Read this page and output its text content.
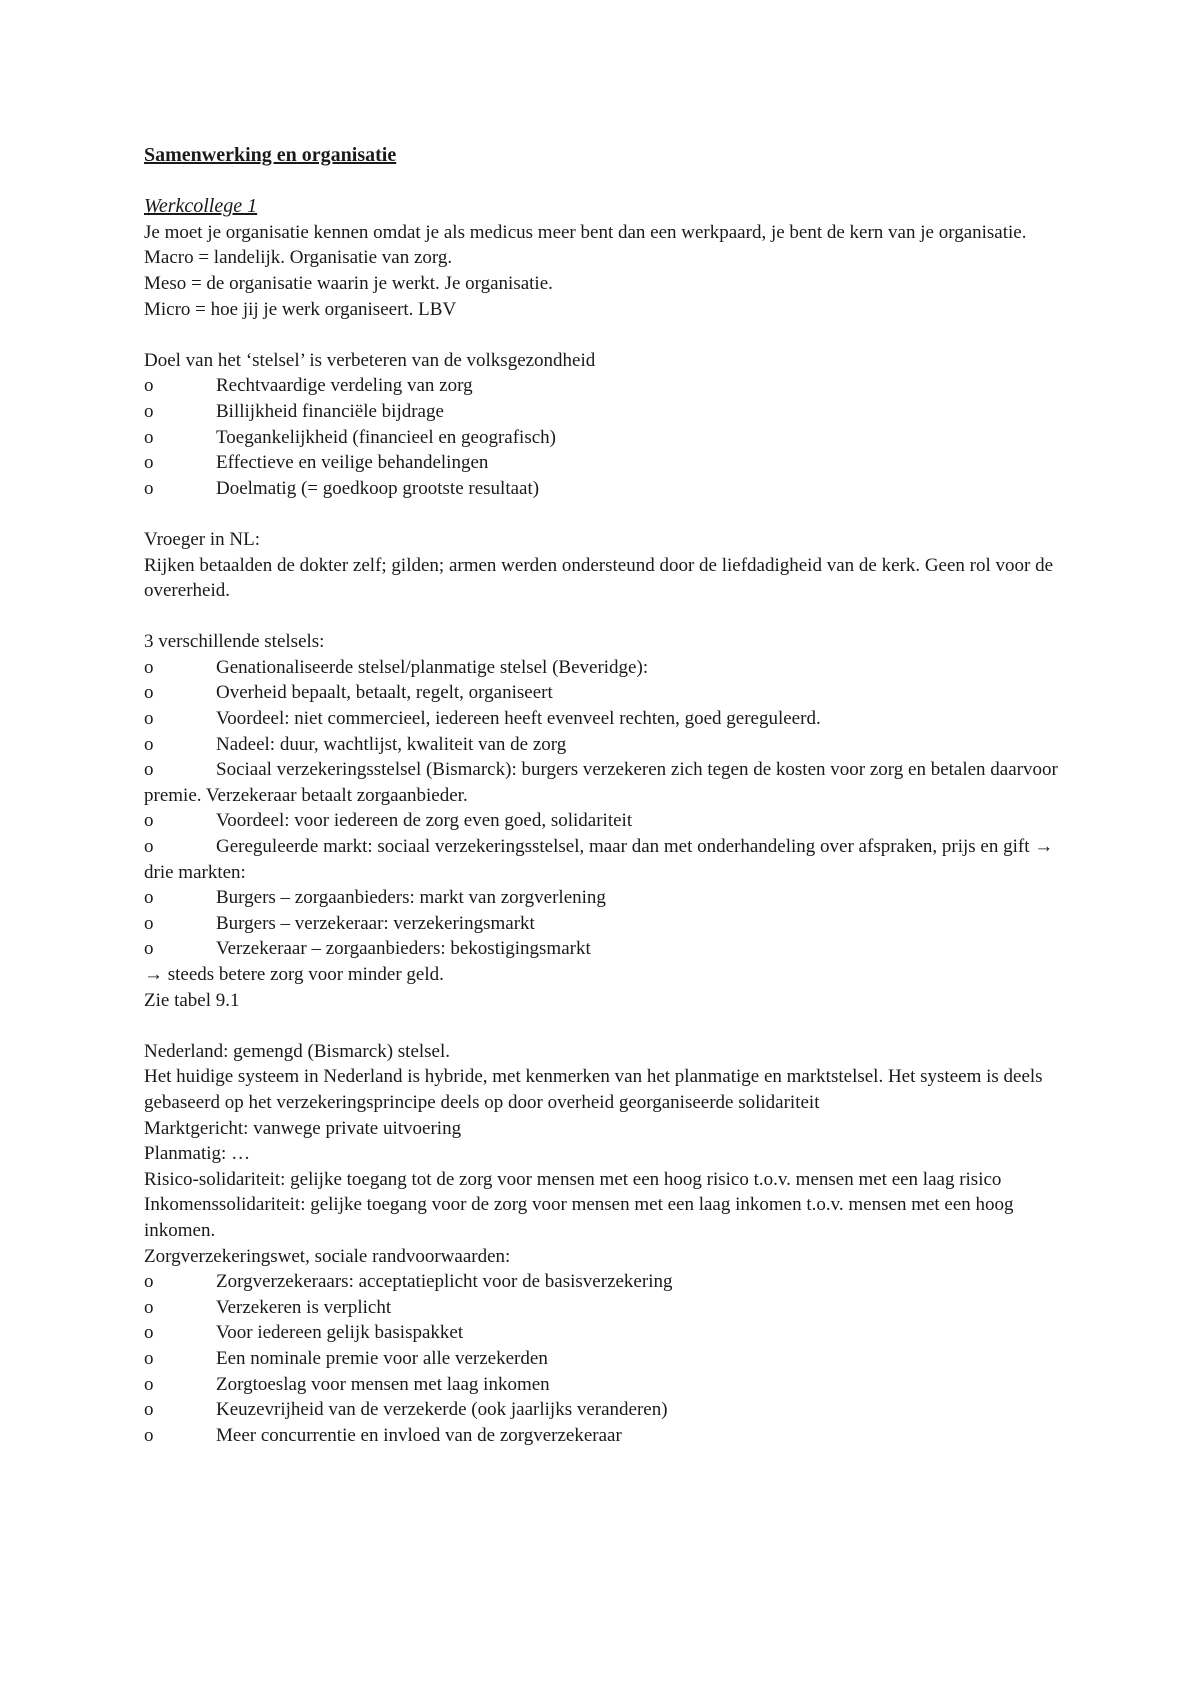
Samenwerking en organisatie
Werkcollege 1
Je moet je organisatie kennen omdat je als medicus meer bent dan een werkpaard, je bent de kern van je organisatie.
Macro = landelijk. Organisatie van zorg.
Meso = de organisatie waarin je werkt. Je organisatie.
Micro = hoe jij je werk organiseert. LBV
Doel van het ‘stelsel’ is verbeteren van de volksgezondheid
o	Rechtvaardige verdeling van zorg
o	Billijkheid financiële bijdrage
o	Toegankelijkheid (financieel en geografisch)
o	Effectieve en veilige behandelingen
o	Doelmatig (= goedkoop grootste resultaat)
Vroeger in NL:
Rijken betaalden de dokter zelf; gilden; armen werden ondersteund door de liefdadigheid van de kerk. Geen rol voor de overerheid.
3 verschillende stelsels:
o	Genationaliseerde stelsel/planmatige stelsel (Beveridge):
o	Overheid bepaalt, betaalt, regelt, organiseert
o	Voordeel: niet commercieel, iedereen heeft evenveel rechten, goed gereguleerd.
o	Nadeel: duur, wachtlijst, kwaliteit van de zorg
o	Sociaal verzekeringsstelsel (Bismarck): burgers verzekeren zich tegen de kosten voor zorg en betalen daarvoor premie. Verzekeraar betaalt zorgaanbieder.
o	Voordeel: voor iedereen de zorg even goed, solidariteit
o	Gereguleerde markt: sociaal verzekeringsstelsel, maar dan met onderhandeling over afspraken, prijs en gift → drie markten:
o	Burgers – zorgaanbieders: markt van zorgverlening
o	Burgers – verzekeraar: verzekeringsmarkt
o	Verzekeraar – zorgaanbieders: bekostigingsmarkt
→ steeds betere zorg voor minder geld.
Zie tabel 9.1
Nederland: gemengd (Bismarck) stelsel.
Het huidige systeem in Nederland is hybride, met kenmerken van het planmatige en marktstelsel. Het systeem is deels gebaseerd op het verzekeringsprincipe deels op door overheid georganiseerde solidariteit
Marktgericht: vanwege private uitvoering
Planmatig: …
Risico-solidariteit: gelijke toegang tot de zorg voor mensen met een hoog risico t.o.v. mensen met een laag risico
Inkomenssolidariteit: gelijke toegang voor de zorg voor mensen met een laag inkomen t.o.v. mensen met een hoog inkomen.
Zorgverzekeringswet, sociale randvoorwaarden:
o	Zorgverzekeraars: acceptatieplicht voor de basisverzekering
o	Verzekeren is verplicht
o	Voor iedereen gelijk basispakket
o	Een nominale premie voor alle verzekerden
o	Zorgtoeslag voor mensen met laag inkomen
o	Keuzevrijheid van de verzekerde (ook jaarlijks veranderen)
o	Meer concurrentie en invloed van de zorgverzekeraar
